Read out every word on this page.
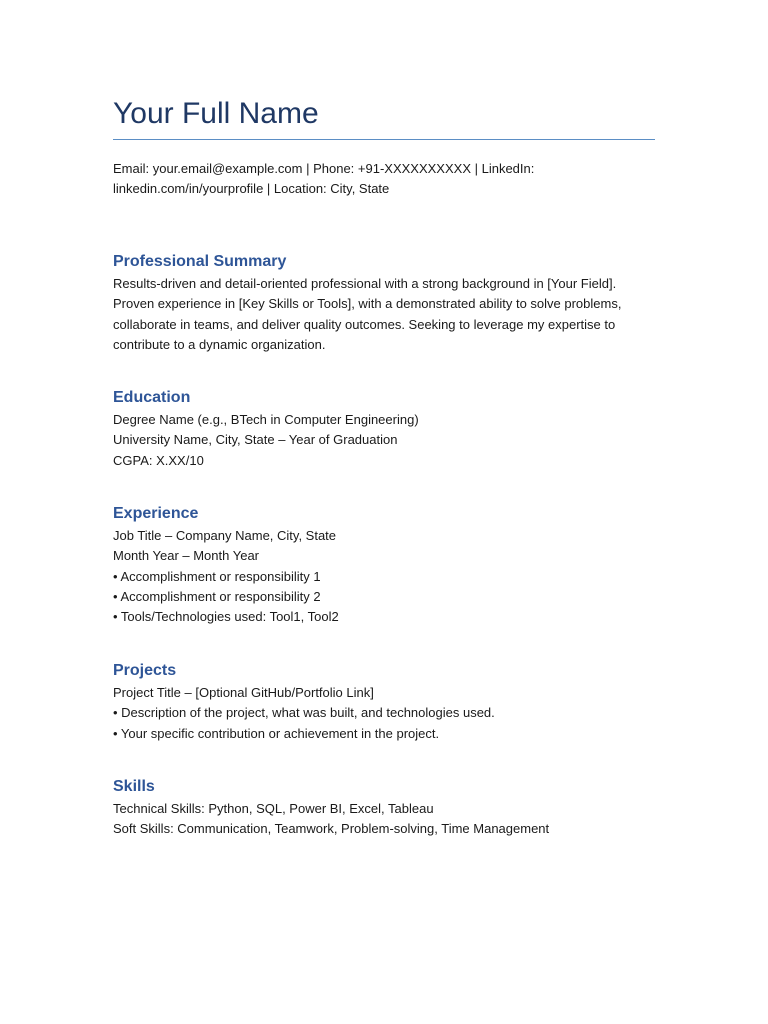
Your Full Name
Email: your.email@example.com | Phone: +91-XXXXXXXXXX | LinkedIn: linkedin.com/in/yourprofile | Location: City, State
Professional Summary
Results-driven and detail-oriented professional with a strong background in [Your Field]. Proven experience in [Key Skills or Tools], with a demonstrated ability to solve problems, collaborate in teams, and deliver quality outcomes. Seeking to leverage my expertise to contribute to a dynamic organization.
Education
Degree Name (e.g., BTech in Computer Engineering)
University Name, City, State – Year of Graduation
CGPA: X.XX/10
Experience
Job Title – Company Name, City, State
Month Year – Month Year
• Accomplishment or responsibility 1
• Accomplishment or responsibility 2
• Tools/Technologies used: Tool1, Tool2
Projects
Project Title – [Optional GitHub/Portfolio Link]
• Description of the project, what was built, and technologies used.
• Your specific contribution or achievement in the project.
Skills
Technical Skills: Python, SQL, Power BI, Excel, Tableau
Soft Skills: Communication, Teamwork, Problem-solving, Time Management
